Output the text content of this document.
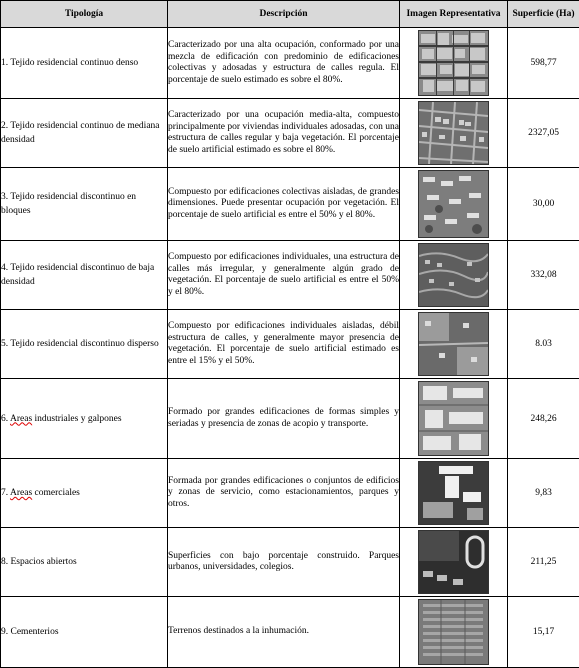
Tipología	Descripción	Imagen Representativa	Superficie (Ha)
1. Tejido residencial continuo denso	Caracterizado por una alta ocupación, conformado por una mezcla de edificación con predominio de edificaciones colectivas y adosadas y estructura de calles regula. El porcentaje de suelo estimado es sobre el 80%.		598,77
2. Tejido residencial continuo de mediana densidad	Caracterizado por una ocupación media-alta, compuesto principalmente por viviendas individuales adosadas, con una estructura de calles regular y baja vegetación. El porcentaje de suelo artificial estimado es sobre el 80%.		2327,05
3. Tejido residencial discontinuo en bloques	Compuesto por edificaciones colectivas aisladas, de grandes dimensiones. Puede presentar ocupación por vegetación. El porcentaje de suelo artificial es entre el 50% y el 80%.		30,00
4. Tejido residencial discontinuo de baja densidad	Compuesto por edificaciones individuales, una estructura de calles más irregular, y generalmente algún grado de vegetación. El porcentaje de suelo artificial es entre el 50% y el 80%.		332,08
5. Tejido residencial discontinuo disperso	Compuesto por edificaciones individuales aisladas, débil estructura de calles, y generalmente mayor presencia de vegetación. El porcentaje de suelo artificial estimado es entre el 15% y el 50%.		8.03
6. Areas industriales y galpones	Formado por grandes edificaciones de formas simples y seriadas y presencia de zonas de acopio y transporte.		248,26
7. Areas comerciales	Formada por grandes edificaciones o conjuntos de edificios y zonas de servicio, como estacionamientos, parques y otros.		9,83
8. Espacios abiertos	Superficies con bajo porcentaje construido. Parques urbanos, universidades, colegios.		211,25
9. Cementerios	Terrenos destinados a la inhumación.		15,17
